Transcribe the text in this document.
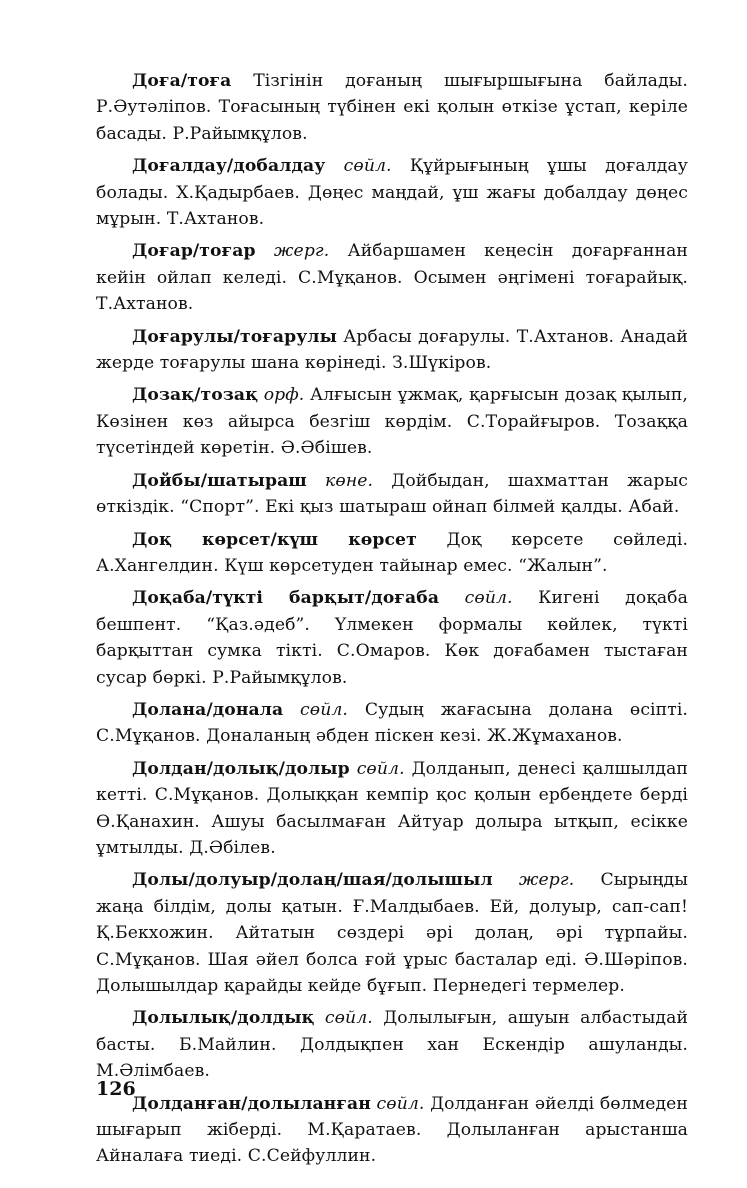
Доға/тоға Тізгінін доғаның шығыршығына байлады. Р.Әутәліпов. Тоғасының түбінен екі қолын өткізе ұстап, керіле басады. Р.Райымқұлов.

Доғалдау/добалдау сөйл. Құйрығының ұшы доғалдау болады. Х.Қадырбаев. Дөңес маңдай, ұш жағы добалдау дөңес мұрын. Т.Ахтанов.

Доғар/тоғар жерг. Айбаршамен кеңесін доғарғаннан кейін ойлап келеді. С.Мұқанов. Осымен әңгімені тоғарайық. Т.Ахтанов.

Доғарулы/тоғарулы Арбасы доғарулы. Т.Ахтанов. Анадай жерде тоғарулы шана көрінеді. З.Шүкіров.

Дозақ/тозақ орф. Алғысын ұжмақ, қарғысын дозақ қылып, Көзінен көз айырса безгіш көрдім. С.Торайғыров. Тозаққа түсетіндей көретін. Ә.Әбішев.

Дойбы/шатыраш көне. Дойбыдан, шахматтан жарыс өткіздік. “Спорт”. Екі қыз шатыраш ойнап білмей қалды. Абай.

Доқ көрсет/күш көрсет Доқ көрсете сөйледі. А.Хангелдин. Күш көрсетуден тайынар емес. “Жалын”.

Доқаба/түкті барқыт/доғаба сөйл. Кигені доқаба бешпент. “Қаз.әдеб”. Үлмекен формалы көйлек, түкті барқыттан сумка тікті. С.Омаров. Көк доғабамен тыстаған сусар бөркі. Р.Райымқұлов.

Долана/донала сөйл. Судың жағасына долана өсіпті. С.Мұқанов. Доналаның әбден піскен кезі. Ж.Жұмаханов.

Долдан/долық/долыр сөйл. Долданып, денесі қалшылдап кетті. С.Мұқанов. Долыққан кемпір қос қолын ербеңдете берді Ө.Қанахин. Ашуы басылмаған Айтуар долыра ытқып, есікке ұмтылды. Д.Әбілев.

Долы/долуыр/долаң/шая/долышыл жерг. Сырыңды жаңа білдім, долы қатын. Ғ.Малдыбаев. Ей, долуыр, сап-сап! Қ.Бекхожин. Айтатын сөздері әрі долаң, әрі тұрпайы. С.Мұқанов. Шая әйел болса ғой ұрыс басталар еді. Ә.Шәріпов. Долышылдар қарайды кейде бұғып. Пернедегі термелер.

Долылық/долдық сөйл. Долылығын, ашуын албастыдай басты. Б.Майлин. Долдықпен хан Ескендір ашуланды. М.Әлімбаев.

Долданған/долыланған сөйл. Долданған әйелді бөлмеден шығарып жіберді. М.Қаратаев. Долыланған арыстанша Айналаға тиеді. С.Сейфуллин.

126
